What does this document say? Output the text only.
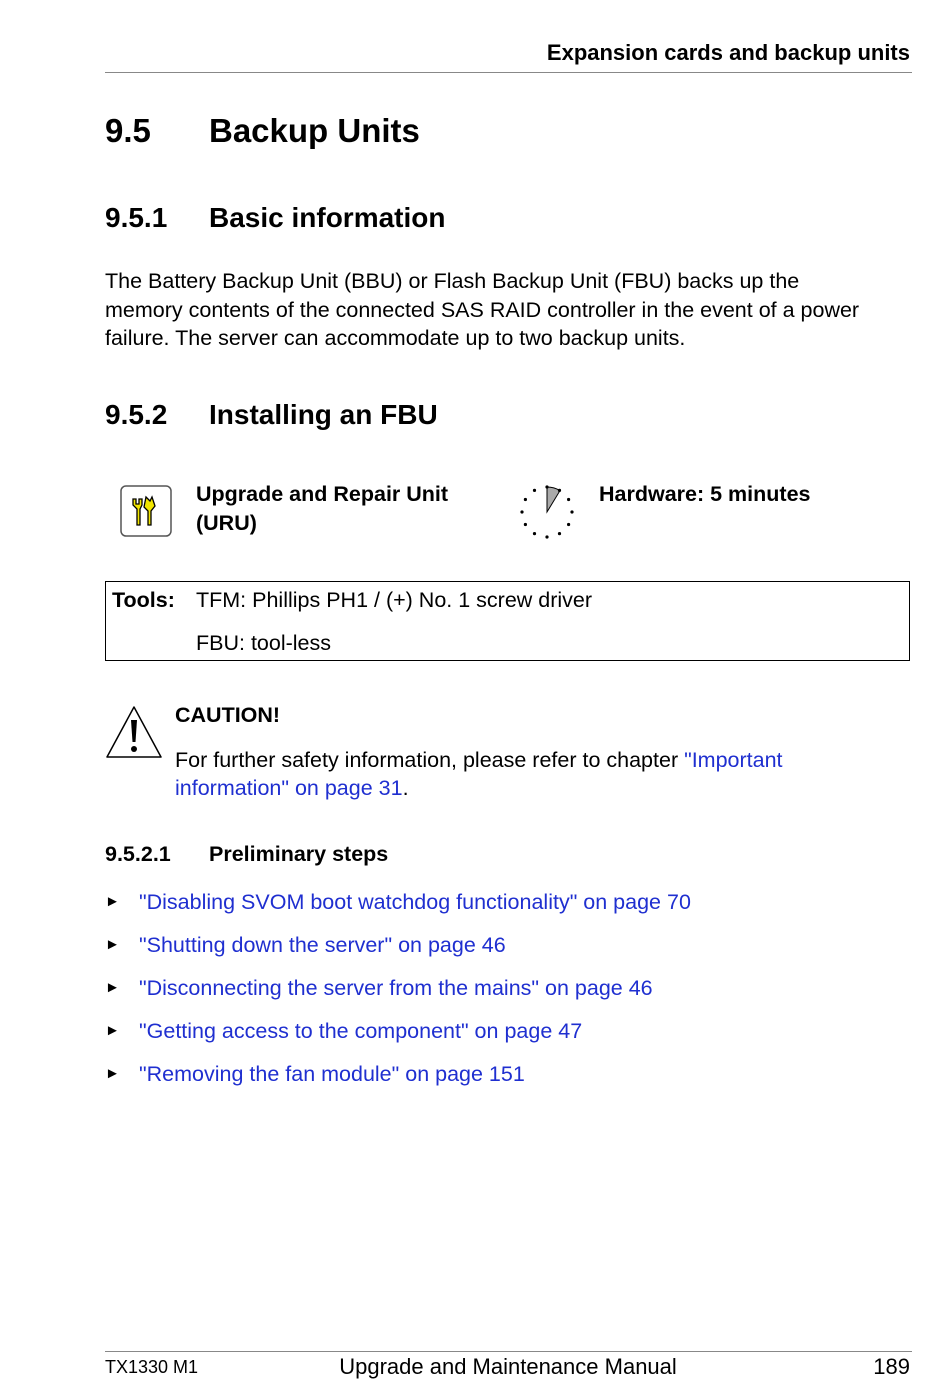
Expansion cards and backup units
9.5 Backup Units
9.5.1 Basic information
The Battery Backup Unit (BBU) or Flash Backup Unit (FBU) backs up the
memory contents of the connected SAS RAID controller in the event of a power
failure. The server can accommodate up to two backup units.
9.5.2 Installing an FBU
Upgrade and Repair Unit
(URU)
Hardware: 5 minutes
Tools: TFM: Phillips PH1 / (+) No. 1 screw driver
FBU: tool-less
CAUTION!
For further safety information, please refer to chapter "Important
information" on page 31.
9.5.2.1 Preliminary steps
► "Disabling SVOM boot watchdog functionality" on page 70
► "Shutting down the server" on page 46
► "Disconnecting the server from the mains" on page 46
► "Getting access to the component" on page 47
► "Removing the fan module" on page 151
TX1330 M1	Upgrade and Maintenance Manual	189
